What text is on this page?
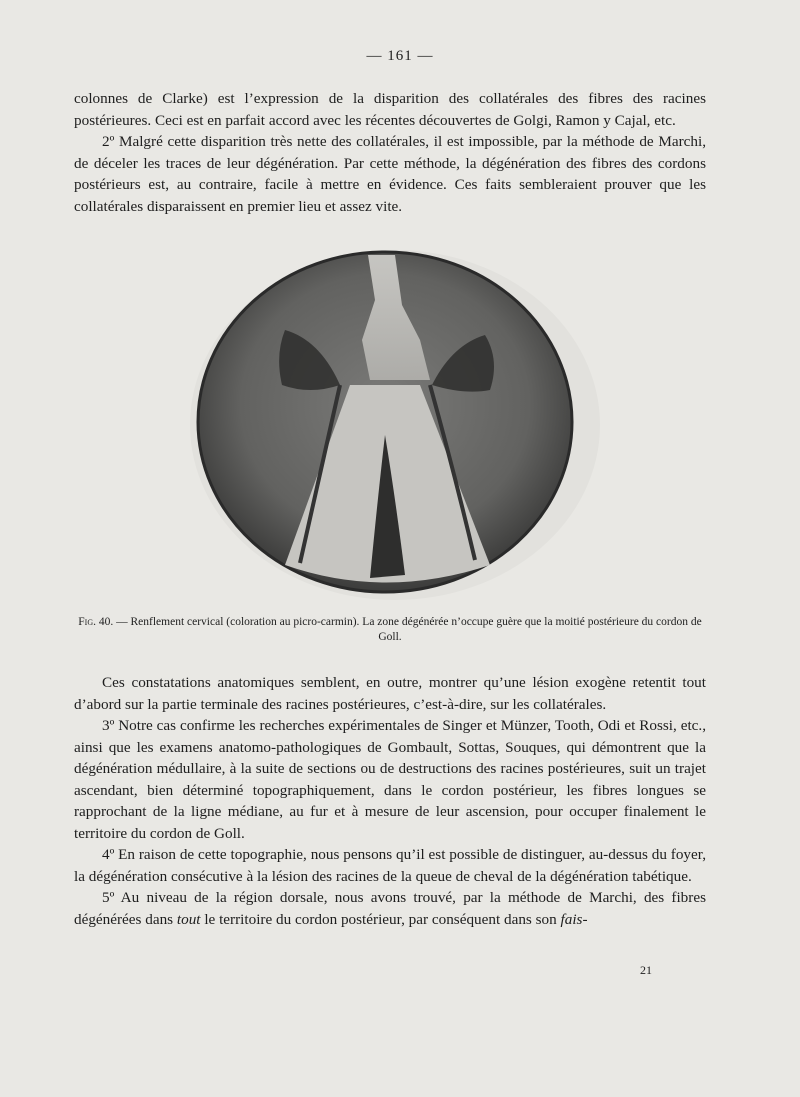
— 161 —

colonnes de Clarke) est l’expression de la disparition des collatérales des fibres des racines postérieures. Ceci est en parfait accord avec les récentes découvertes de Golgi, Ramon y Cajal, etc.

2º Malgré cette disparition très nette des collatérales, il est impossible, par la méthode de Marchi, de déceler les traces de leur dégénération. Par cette méthode, la dégénération des fibres des cordons postérieurs est, au contraire, facile à mettre en évidence. Ces faits sembleraient prouver que les collatérales disparaissent en premier lieu et assez vite.

Fig. 40. — Renflement cervical (coloration au picro-carmin). La zone dégénérée n’occupe guère que la moitié postérieure du cordon de Goll.

Ces constatations anatomiques semblent, en outre, montrer qu’une lésion exogène retentit tout d’abord sur la partie terminale des racines postérieures, c’est-à-dire, sur les collatérales.

3º Notre cas confirme les recherches expérimentales de Singer et Münzer, Tooth, Odi et Rossi, etc., ainsi que les examens anatomo-pathologiques de Gombault, Sottas, Souques, qui démontrent que la dégénération médullaire, à la suite de sections ou de destructions des racines postérieures, suit un trajet ascendant, bien déterminé topographiquement, dans le cordon postérieur, les fibres longues se rapprochant de la ligne médiane, au fur et à mesure de leur ascension, pour occuper finalement le territoire du cordon de Goll.

4º En raison de cette topographie, nous pensons qu’il est possible de distinguer, au-dessus du foyer, la dégénération consécutive à la lésion des racines de la queue de cheval de la dégénération tabétique.

5º Au niveau de la région dorsale, nous avons trouvé, par la méthode de Marchi, des fibres dégénérées dans tout le territoire du cordon postérieur, par conséquent dans son fais-

21
